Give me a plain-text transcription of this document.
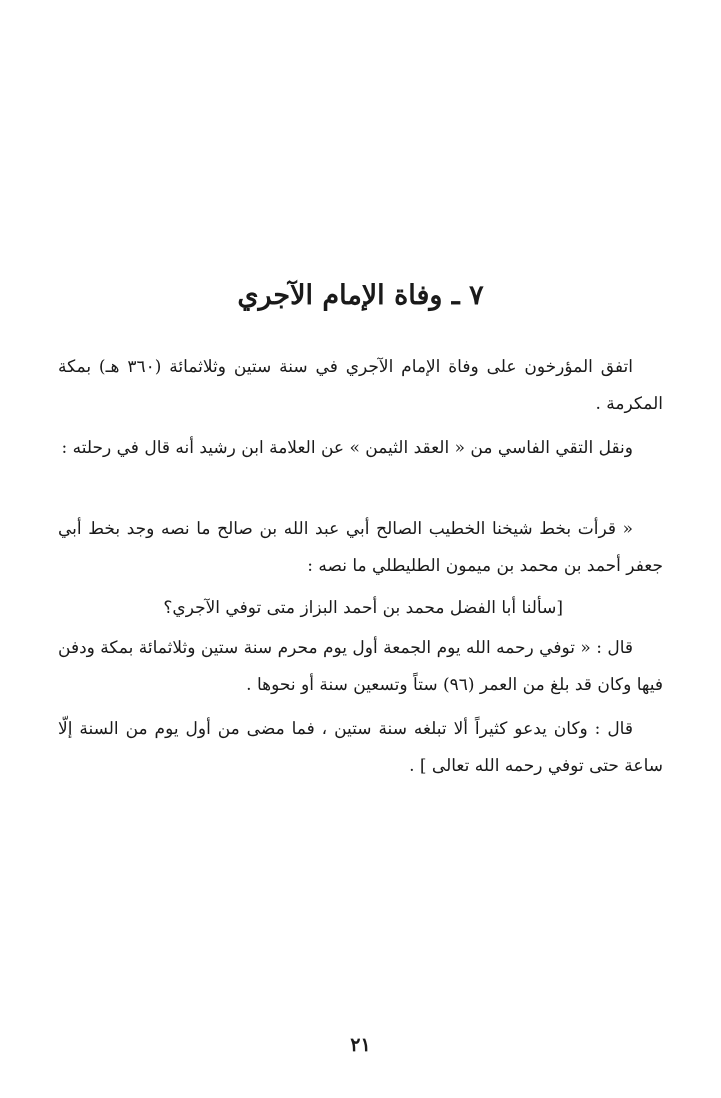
٧ ـ وفاة الإمام الآجري

اتفق المؤرخون على وفاة الإمام الآجري في سنة ستين وثلاثمائة (٣٦٠ هـ) بمكة المكرمة .

ونقل التقي الفاسي من « العقد الثيمن » عن العلامة ابن رشيد أنه قال في رحلته :

« قرأت بخط شيخنا الخطيب الصالح أبي عبد الله بن صالح ما نصه وجد بخط أبي جعفر أحمد بن محمد بن ميمون الطليطلي ما نصه :

[سألنا أبا الفضل محمد بن أحمد البزاز متى توفي الآجري؟

قال : « توفي رحمه الله يوم الجمعة أول يوم محرم سنة ستين وثلاثمائة بمكة ودفن فيها وكان قد بلغ من العمر (٩٦) ستاً وتسعين سنة أو نحوها .

قال : وكان يدعو كثيراً ألا تبلغه سنة ستين ، فما مضى من أول يوم من السنة إلّا ساعة حتى توفي رحمه الله تعالى ] .

٢١
